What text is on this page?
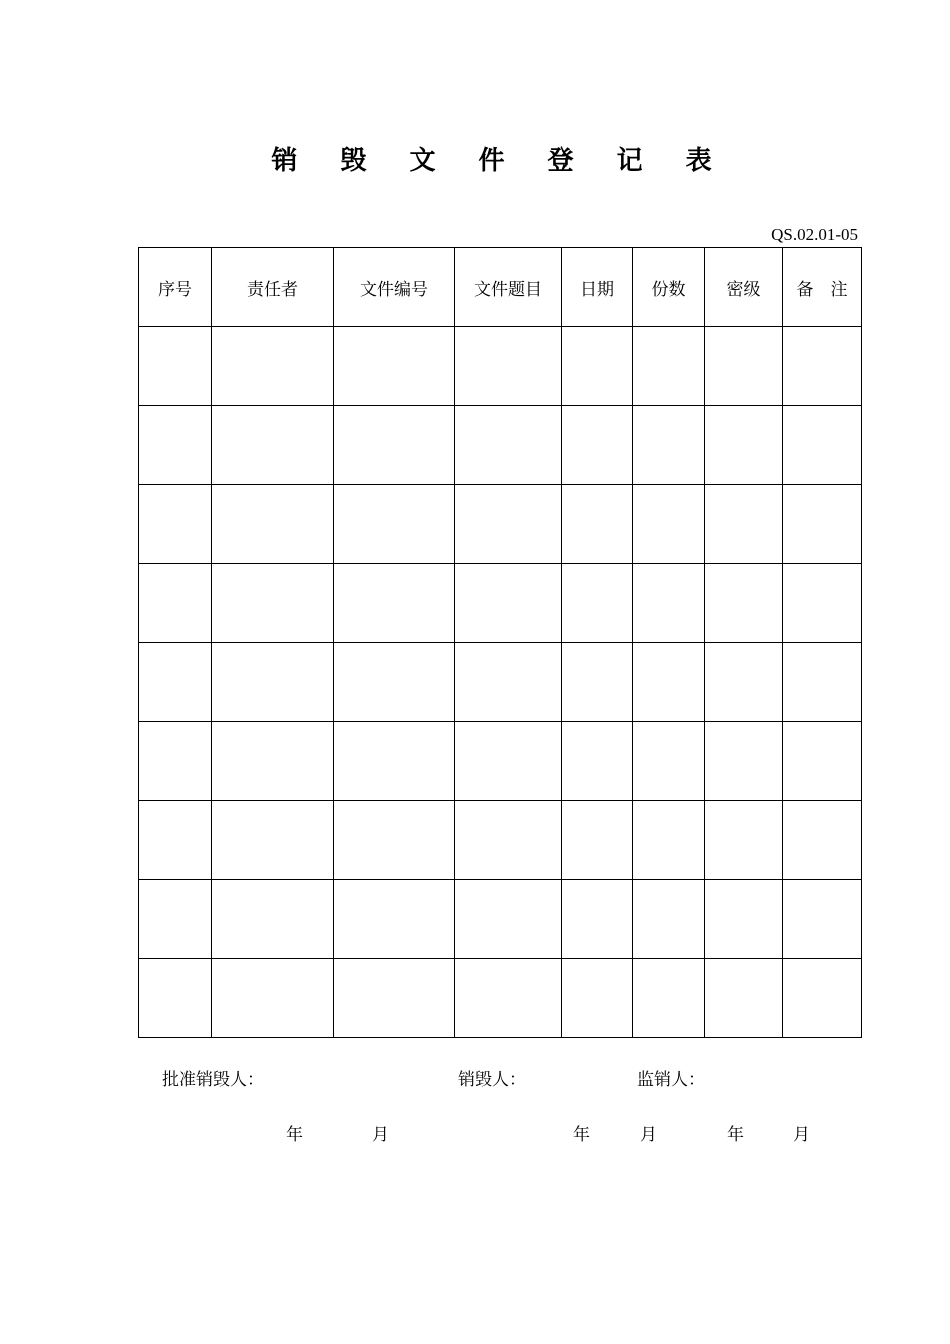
销 毁 文 件 登 记 表
QS.02.01-05
序号	责任者	文件编号	文件题目	日期	份数	密级	备　注

批准销毁人：	销毁人：	监销人：
年	月	年	月	年	月
